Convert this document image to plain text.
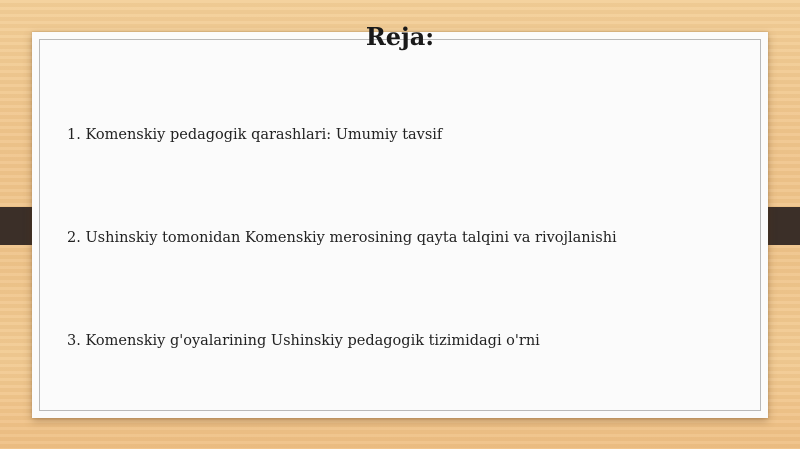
Reja:
1. Komenskiy pedagogik qarashlari: Umumiy tavsif
2. Ushinskiy tomonidan Komenskiy merosining qayta talqini va rivojlanishi
3. Komenskiy g'oyalarining Ushinskiy pedagogik tizimidagi o'rni
